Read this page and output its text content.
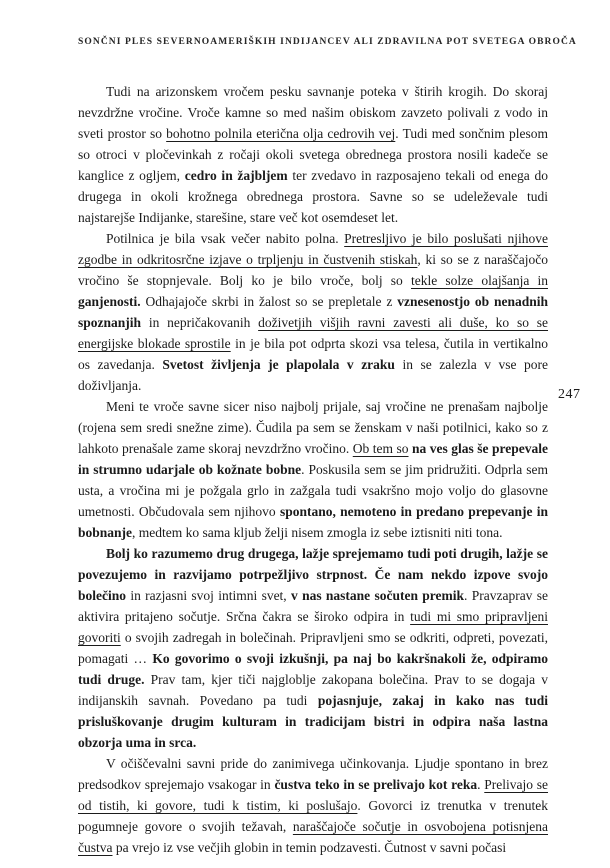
SONČNI PLES SEVERNOAMERIŠKIH INDIJANCEV ALI ZDRAVILNA POT SVETEGA OBROČA
247

Tudi na arizonskem vročem pesku savnanje poteka v štirih krogih. Do skoraj nevzdržne vročine. Vroče kamne so med našim obiskom zavzeto polivali z vodo in sveti prostor so bohotno polnila eterična olja cedrovih vej. Tudi med sončnim plesom so otroci v pločevinkah z ročaji okoli svetega obrednega prostora nosili kadeče se kanglice z ogljem, cedro in žajbljem ter zvedavo in razposajeno tekali od enega do drugega in okoli krožnega obrednega prostora. Savne so se udeleževale tudi najstarejše Indijanke, starešine, stare več kot osemdeset let.

Potilnica je bila vsak večer nabito polna. Pretresljivo je bilo poslušati njihove zgodbe in odkritosrčne izjave o trpljenju in čustvenih stiskah, ki so se z naraščajočo vročino še stopnjevale. Bolj ko je bilo vroče, bolj so tekle solze olajšanja in ganjenosti. Odhajajoče skrbi in žalost so se prepletale z vznesenostjo ob nenadnih spoznanjih in nepričakovanih doživetjih višjih ravni zavesti ali duše, ko so se energijske blokade sprostile in je bila pot odprta skozi vsa telesa, čutila in vertikalno os zavedanja. Svetost življenja je plapolala v zraku in se zalezla v vse pore doživljanja.

Meni te vroče savne sicer niso najbolj prijale, saj vročine ne prenašam najbolje (rojena sem sredi snežne zime). Čudila pa sem se ženskam v naši potilnici, kako so z lahkoto prenašale zame skoraj nevzdržno vročino. Ob tem so na ves glas še prepevale in strumno udarjale ob kožnate bobne. Poskusila sem se jim pridružiti. Odprla sem usta, a vročina mi je požgala grlo in zažgala tudi vsakršno mojo voljo do glasovne umetnosti. Občudovala sem njihovo spontano, nemoteno in predano prepevanje in bobnanje, medtem ko sama kljub želji nisem zmogla iz sebe iztisniti niti tona.

Bolj ko razumemo drug drugega, lažje sprejemamo tudi poti drugih, lažje se povezujemo in razvijamo potrpežljivo strpnost. Če nam nekdo izpove svojo bolečino in razjasni svoj intimni svet, v nas nastane sočuten premik. Pravzaprav se aktivira pritajeno sočutje. Srčna čakra se široko odpira in tudi mi smo pripravljeni govoriti o svojih zadregah in bolečinah. Pripravljeni smo se odkriti, odpreti, povezati, pomagati … Ko govorimo o svoji izkušnji, pa naj bo kakršnakoli že, odpiramo tudi druge. Prav tam, kjer tiči najgloblje zakopana bolečina. Prav to se dogaja v indijanskih savnah. Povedano pa tudi pojasnjuje, zakaj in kako nas tudi prisluškovanje drugim kulturam in tradicijam bistri in odpira naša lastna obzorja uma in srca.

V očiščevalni savni pride do zanimivega učinkovanja. Ljudje spontano in brez predsodkov sprejemajo vsakogar in čustva teko in se prelivajo kot reka. Prelivajo se od tistih, ki govore, tudi k tistim, ki poslušajo. Govorci iz trenutka v trenutek pogumneje govore o svojih težavah, naraščajoče sočutje in osvobojena potisnjena čustva pa vrejo iz vse večjih globin in temin podzavesti. Čutnost v savni počasi
